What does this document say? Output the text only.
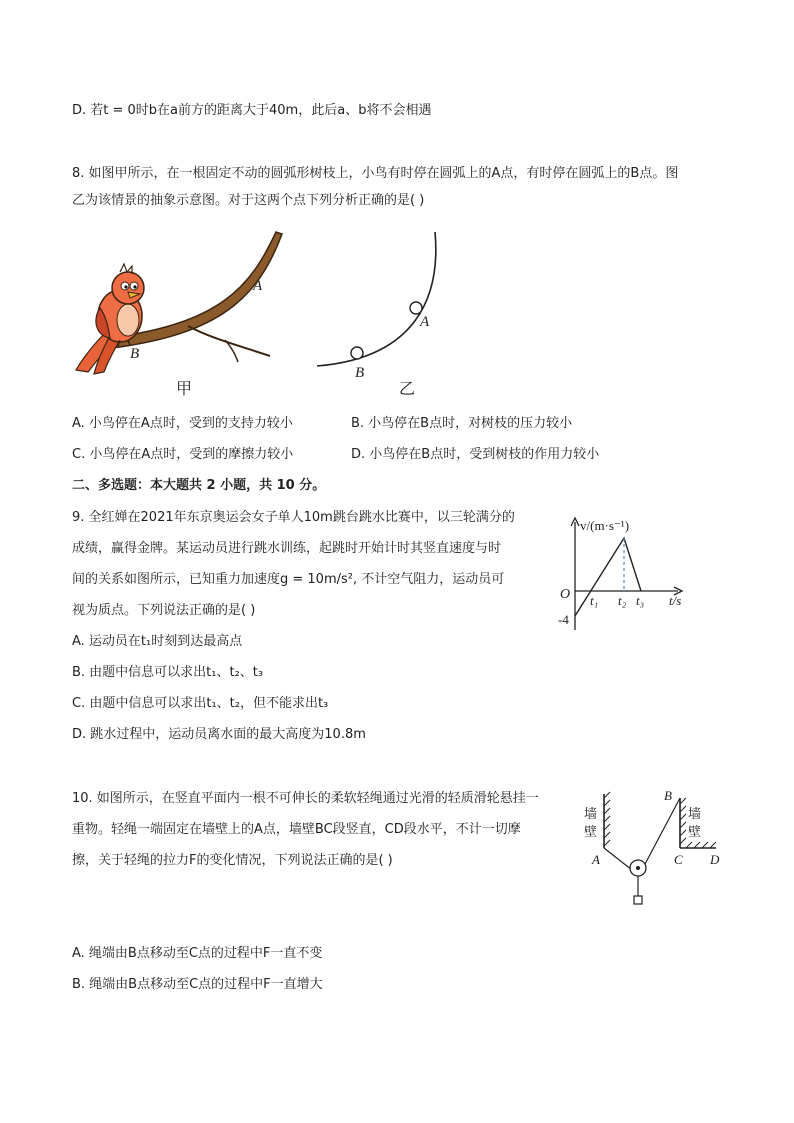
D. 若t = 0时b在a前方的距离大于40m，此后a、b将不会相遇
8. 如图甲所示，在一根固定不动的圆弧形树枝上，小鸟有时停在圆弧上的A点，有时停在圆弧上的B点。图
乙为该情景的抽象示意图。对于这两个点下列分析正确的是( )
A
B
甲
A
B
乙
A. 小鸟停在A点时，受到的支持力较小	B. 小鸟停在B点时，对树枝的压力较小
C. 小鸟停在A点时，受到的摩擦力较小	D. 小鸟停在B点时，受到树枝的作用力较小
二、多选题：本大题共 2 小题，共 10 分。
9. 全红婵在2021年东京奥运会女子单人10m跳台跳水比赛中，以三轮满分的
成绩，赢得金牌。某运动员进行跳水训练，起跳时开始计时其竖直速度与时
间的关系如图所示，已知重力加速度g = 10m/s², 不计空气阻力，运动员可
视为质点。下列说法正确的是( )
v/(m·s⁻¹)
t/s
O
-4
t₁ t₂ t₃
A. 运动员在t₁时刻到达最高点
B. 由题中信息可以求出t₁、t₂、t₃
C. 由题中信息可以求出t₁、t₂，但不能求出t₃
D. 跳水过程中，运动员离水面的最大高度为10.8m
10. 如图所示，在竖直平面内一根不可伸长的柔软轻绳通过光滑的轻质滑轮悬挂一
重物。轻绳一端固定在墙壁上的A点，墙壁BC段竖直，CD段水平，不计一切摩
擦，关于轻绳的拉力F的变化情况，下列说法正确的是( )
墙
壁
墙
壁
A
B
C D
A. 绳端由B点移动至C点的过程中F一直不变
B. 绳端由B点移动至C点的过程中F一直增大
